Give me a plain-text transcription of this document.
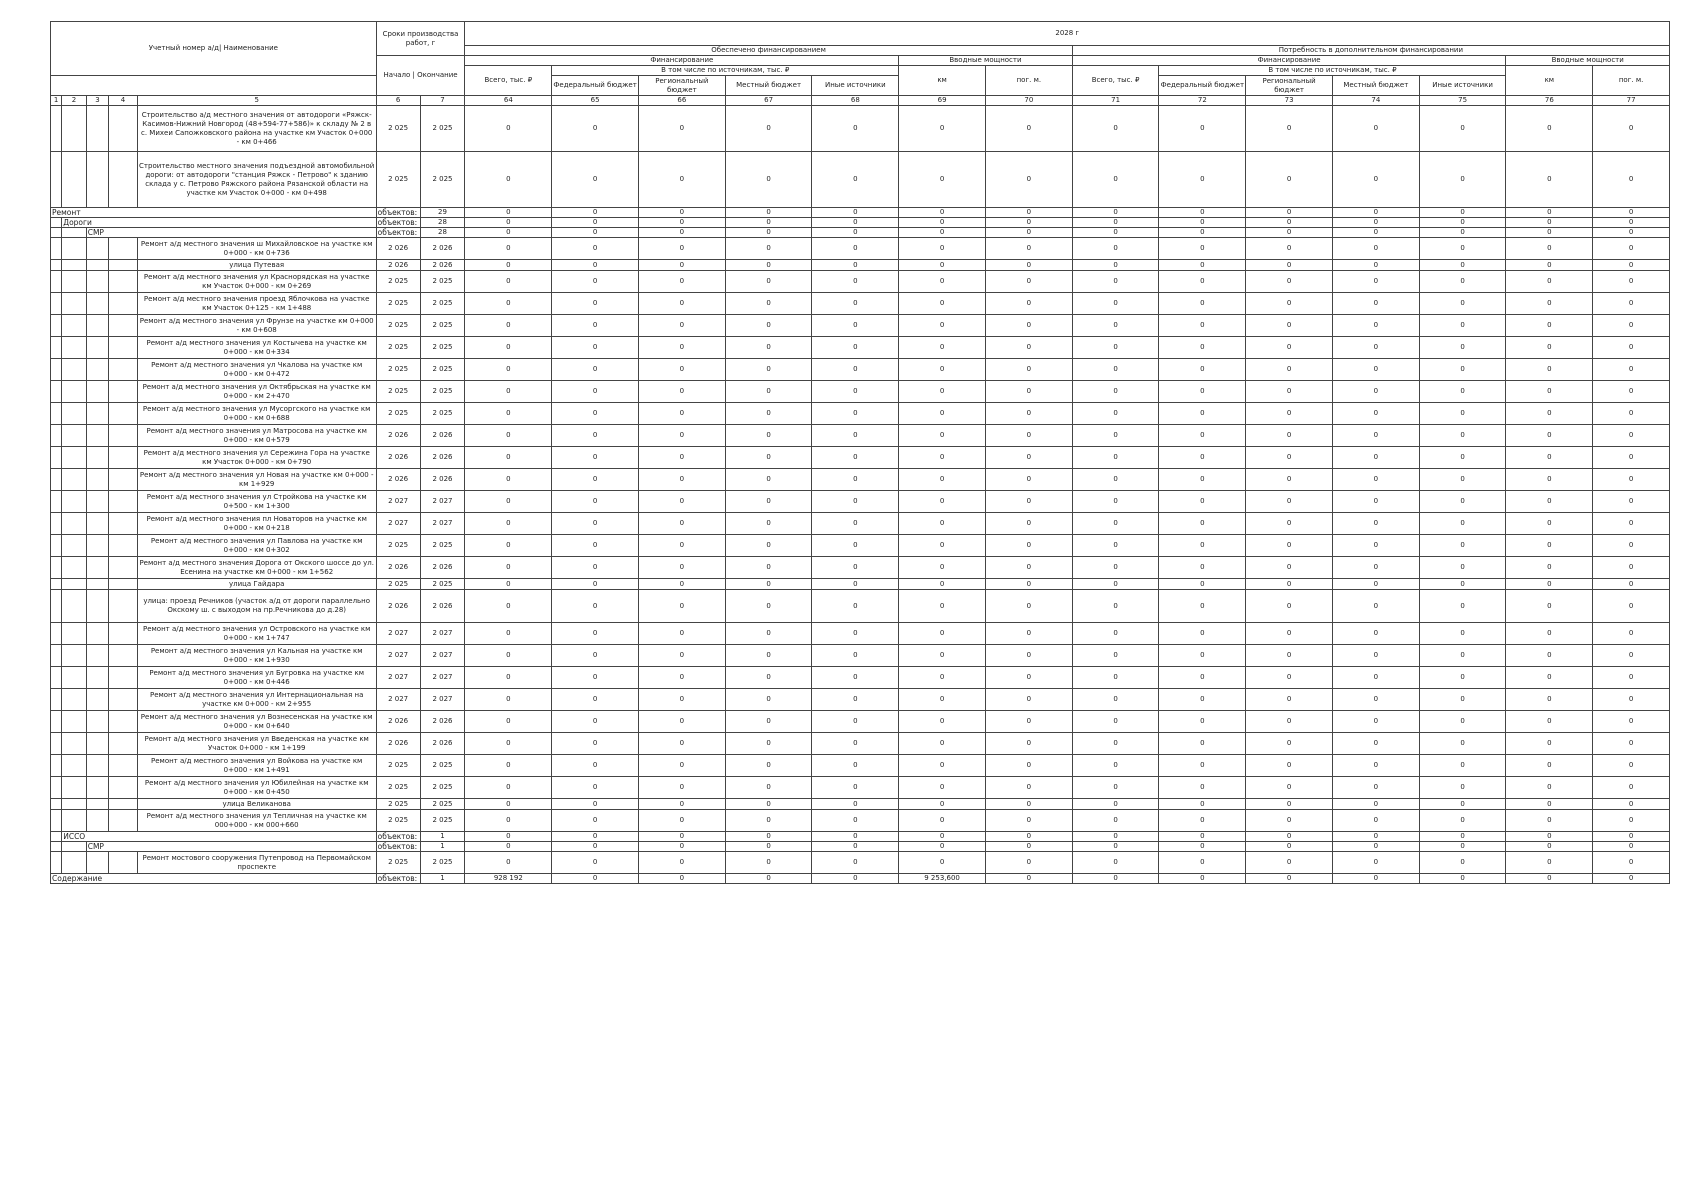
Учетный номер а/д| Наименование					Сроки производства работ, г		2028 г													
							Обеспечено финансированием							Потребность в дополнительном финансировании						
					Начало | Окончание		Финансирование					Вводные мощности		Финансирование					Вводные мощности	
							Всего, тыс. ₽	В том числе по источникам, тыс. ₽				км	пог. м.	Всего, тыс. ₽	В том числе по источникам, тыс. ₽				км	пог. м.
								Федеральный бюджет	Региональный бюджет	Местный бюджет	Иные источники				Федеральный бюджет	Региональный бюджет	Местный бюджет	Иные источники		
1	2	3	4	5	6	7	64	65	66	67	68	69	70	71	72	73	74	75	76	77
				Строительство а/д местного значения от автодороги «Ряжск-Касимов-Нижний Новгород (48+594-77+586)» к складу № 2 в с. Михеи Сапожковского района на участке км Участок 0+000 - км 0+466	2 025	2 025	0	0	0	0	0	0	0	0	0	0	0	0	0	0
				Строительство местного значения подъездной автомобильной дороги: от автодороги "станция Ряжск - Петрово" к зданию склада у с. Петрово Ряжского района Рязанской области на участке км Участок 0+000 - км 0+498	2 025	2 025	0	0	0	0	0	0	0	0	0	0	0	0	0	0
Ремонт					объектов:	29	0	0	0	0	0	0	0	0	0	0	0	0	0	0
	Дороги				объектов:	28	0	0	0	0	0	0	0	0	0	0	0	0	0	0
		СМР			объектов:	28	0	0	0	0	0	0	0	0	0	0	0	0	0	0
				Ремонт а/д местного значения ш Михайловское на участке км 0+000 - км 0+736	2 026	2 026	0	0	0	0	0	0	0	0	0	0	0	0	0	0
				улица Путевая	2 026	2 026	0	0	0	0	0	0	0	0	0	0	0	0	0	0
				Ремонт а/д местного значения ул Краснорядская на участке км Участок 0+000 - км 0+269	2 025	2 025	0	0	0	0	0	0	0	0	0	0	0	0	0	0
				Ремонт а/д местного значения проезд Яблочкова на участке км Участок 0+125 - км 1+488	2 025	2 025	0	0	0	0	0	0	0	0	0	0	0	0	0	0
				Ремонт а/д местного значения ул Фрунзе на участке км 0+000 - км 0+608	2 025	2 025	0	0	0	0	0	0	0	0	0	0	0	0	0	0
				Ремонт а/д местного значения ул Костычева на участке км 0+000 - км 0+334	2 025	2 025	0	0	0	0	0	0	0	0	0	0	0	0	0	0
				Ремонт а/д местного значения ул Чкалова на участке км 0+000 - км 0+472	2 025	2 025	0	0	0	0	0	0	0	0	0	0	0	0	0	0
				Ремонт а/д местного значения ул Октябрьская на участке км 0+000 - км 2+470	2 025	2 025	0	0	0	0	0	0	0	0	0	0	0	0	0	0
				Ремонт а/д местного значения ул Мусоргского на участке км 0+000 - км 0+688	2 025	2 025	0	0	0	0	0	0	0	0	0	0	0	0	0	0
				Ремонт а/д местного значения ул Матросова на участке км 0+000 - км 0+579	2 026	2 026	0	0	0	0	0	0	0	0	0	0	0	0	0	0
				Ремонт а/д местного значения ул Сережина Гора на участке км Участок 0+000 - км 0+790	2 026	2 026	0	0	0	0	0	0	0	0	0	0	0	0	0	0
				Ремонт а/д местного значения ул Новая на участке км 0+000 - км 1+929	2 026	2 026	0	0	0	0	0	0	0	0	0	0	0	0	0	0
				Ремонт а/д местного значения ул Стройкова на участке км 0+500 - км 1+300	2 027	2 027	0	0	0	0	0	0	0	0	0	0	0	0	0	0
				Ремонт а/д местного значения пл Новаторов на участке км 0+000 - км 0+218	2 027	2 027	0	0	0	0	0	0	0	0	0	0	0	0	0	0
				Ремонт а/д местного значения ул Павлова на участке км 0+000 - км 0+302	2 025	2 025	0	0	0	0	0	0	0	0	0	0	0	0	0	0
				Ремонт а/д местного значения Дорога от Окского шоссе до ул. Есенина на участке км 0+000 - км 1+562	2 026	2 026	0	0	0	0	0	0	0	0	0	0	0	0	0	0
				улица Гайдара	2 025	2 025	0	0	0	0	0	0	0	0	0	0	0	0	0	0
				улица: проезд Речников (участок а/д от дороги параллельно Окскому ш. с выходом на пр.Речникова до д.28)	2 026	2 026	0	0	0	0	0	0	0	0	0	0	0	0	0	0
				Ремонт а/д местного значения ул Островского на участке км 0+000 - км 1+747	2 027	2 027	0	0	0	0	0	0	0	0	0	0	0	0	0	0
				Ремонт а/д местного значения ул Кальная на участке км 0+000 - км 1+930	2 027	2 027	0	0	0	0	0	0	0	0	0	0	0	0	0	0
				Ремонт а/д местного значения ул Бугровка на участке км 0+000 - км 0+446	2 027	2 027	0	0	0	0	0	0	0	0	0	0	0	0	0	0
				Ремонт а/д местного значения ул Интернациональная на участке км 0+000 - км 2+955	2 027	2 027	0	0	0	0	0	0	0	0	0	0	0	0	0	0
				Ремонт а/д местного значения ул Вознесенская на участке км 0+000 - км 0+640	2 026	2 026	0	0	0	0	0	0	0	0	0	0	0	0	0	0
				Ремонт а/д местного значения ул Введенская на участке км Участок 0+000 - км 1+199	2 026	2 026	0	0	0	0	0	0	0	0	0	0	0	0	0	0
				Ремонт а/д местного значения ул Войкова на участке км 0+000 - км 1+491	2 025	2 025	0	0	0	0	0	0	0	0	0	0	0	0	0	0
				Ремонт а/д местного значения ул Юбилейная на участке км 0+000 - км 0+450	2 025	2 025	0	0	0	0	0	0	0	0	0	0	0	0	0	0
				улица Великанова	2 025	2 025	0	0	0	0	0	0	0	0	0	0	0	0	0	0
				Ремонт а/д местного значения ул Тепличная на участке км 000+000 - км 000+660	2 025	2 025	0	0	0	0	0	0	0	0	0	0	0	0	0	0
	ИССО				объектов:	1	0	0	0	0	0	0	0	0	0	0	0	0	0	0
		СМР			объектов:	1	0	0	0	0	0	0	0	0	0	0	0	0	0	0
				Ремонт мостового сооружения Путепровод на Первомайском проспекте	2 025	2 025	0	0	0	0	0	0	0	0	0	0	0	0	0	0
Содержание					объектов:	1	928 192	0	0	0	0	9 253,600	0	0	0	0	0	0	0	0
